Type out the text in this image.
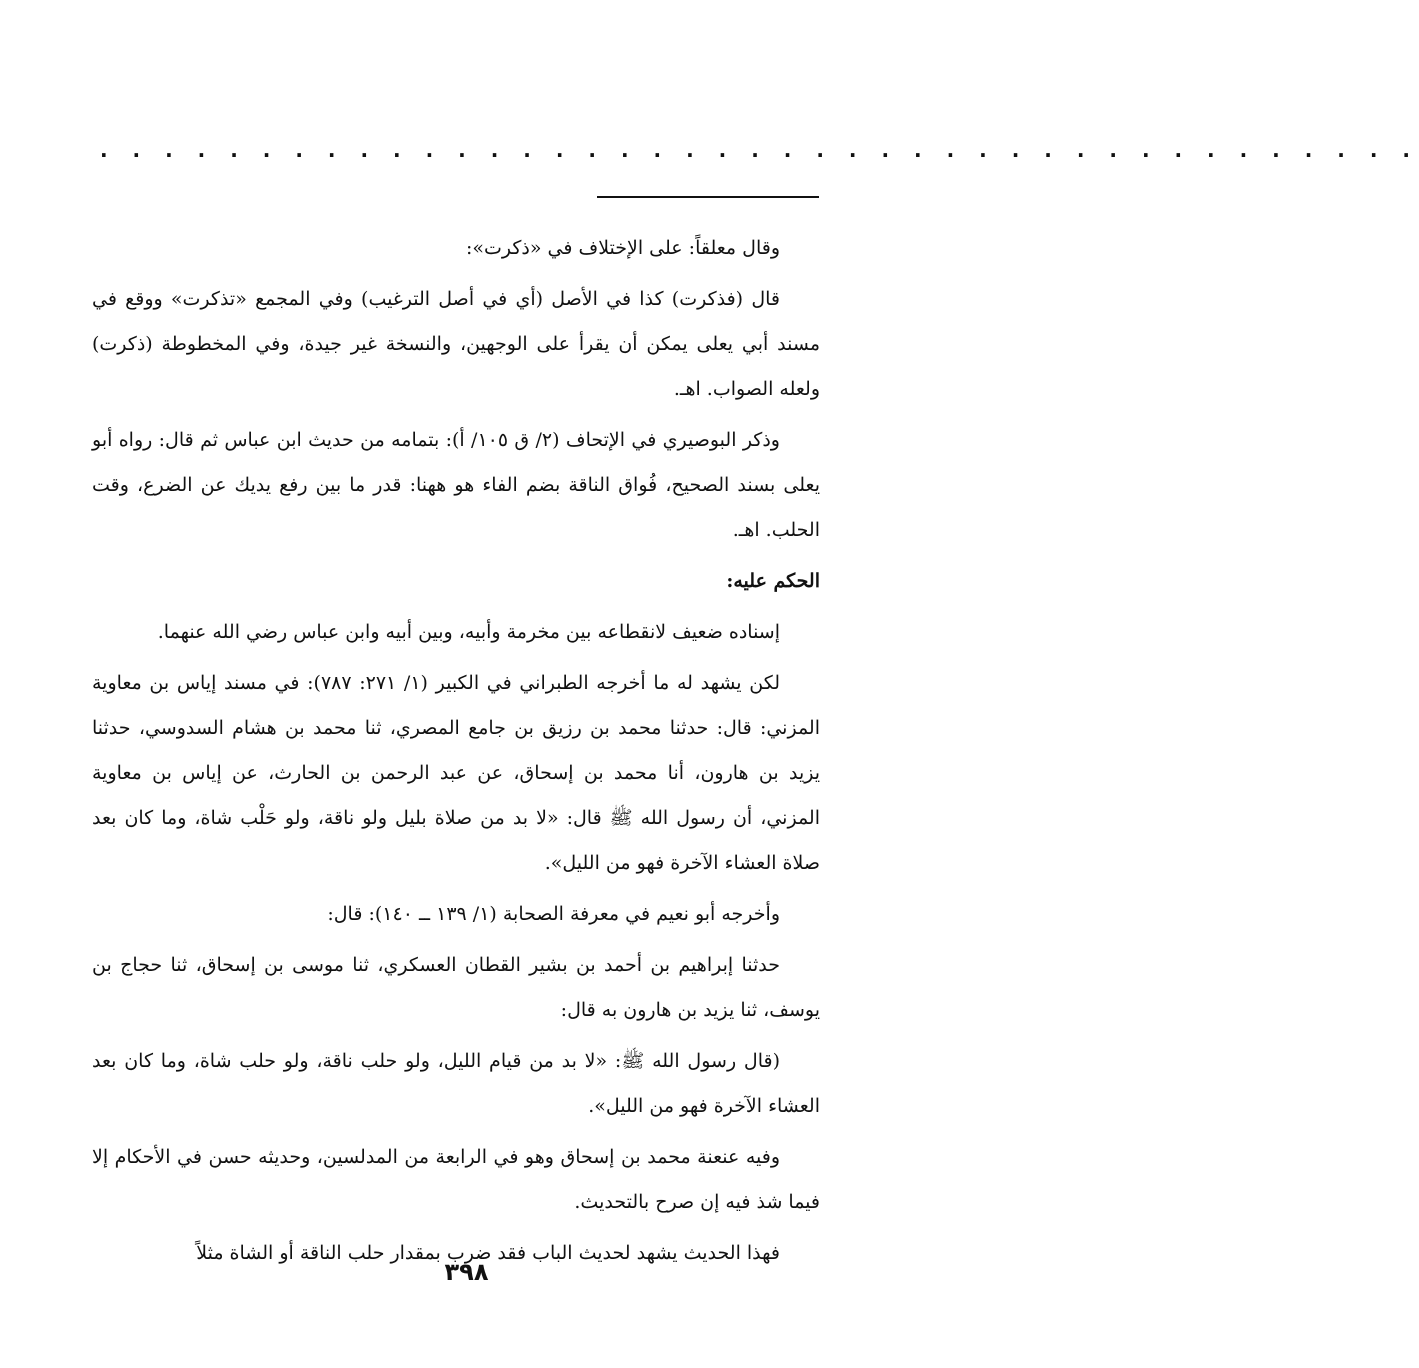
. . . . . . . . . . . . . . . . . . . . . . . . . . . . . . . . . . . . . . . . .

وقال معلقاً: على الإختلاف في «ذكرت»:

قال (فذكرت) كذا في الأصل (أي في أصل الترغيب) وفي المجمع «تذكرت» ووقع في مسند أبي يعلى يمكن أن يقرأ على الوجهين، والنسخة غير جيدة، وفي المخطوطة (ذكرت) ولعله الصواب. اهـ.

وذكر البوصيري في الإتحاف (٢/ ق ١٠٥/ أ): بتمامه من حديث ابن عباس ثم قال: رواه أبو يعلى بسند الصحيح، فُواق الناقة بضم الفاء هو ههنا: قدر ما بين رفع يديك عن الضرع، وقت الحلب. اهـ.

الحكم عليه:

إسناده ضعيف لانقطاعه بين مخرمة وأبيه، وبين أبيه وابن عباس رضي الله عنهما.

لكن يشهد له ما أخرجه الطبراني في الكبير (١/ ٢٧١: ٧٨٧): في مسند إياس بن معاوية المزني: قال: حدثنا محمد بن رزيق بن جامع المصري، ثنا محمد بن هشام السدوسي، حدثنا يزيد بن هارون، أنا محمد بن إسحاق، عن عبد الرحمن بن الحارث، عن إياس بن معاوية المزني، أن رسول الله ﷺ قال: «لا بد من صلاة بليل ولو ناقة، ولو حَلْب شاة، وما كان بعد صلاة العشاء الآخرة فهو من الليل».

وأخرجه أبو نعيم في معرفة الصحابة (١/ ١٣٩ ــ ١٤٠): قال:

حدثنا إبراهيم بن أحمد بن بشير القطان العسكري، ثنا موسى بن إسحاق، ثنا حجاج بن يوسف، ثنا يزيد بن هارون به قال:

(قال رسول الله ﷺ: «لا بد من قيام الليل، ولو حلب ناقة، ولو حلب شاة، وما كان بعد العشاء الآخرة فهو من الليل».

وفيه عنعنة محمد بن إسحاق وهو في الرابعة من المدلسين، وحديثه حسن في الأحكام إلا فيما شذ فيه إن صرح بالتحديث.

فهذا الحديث يشهد لحديث الباب فقد ضرب بمقدار حلب الناقة أو الشاة مثلاً

٣٩٨
